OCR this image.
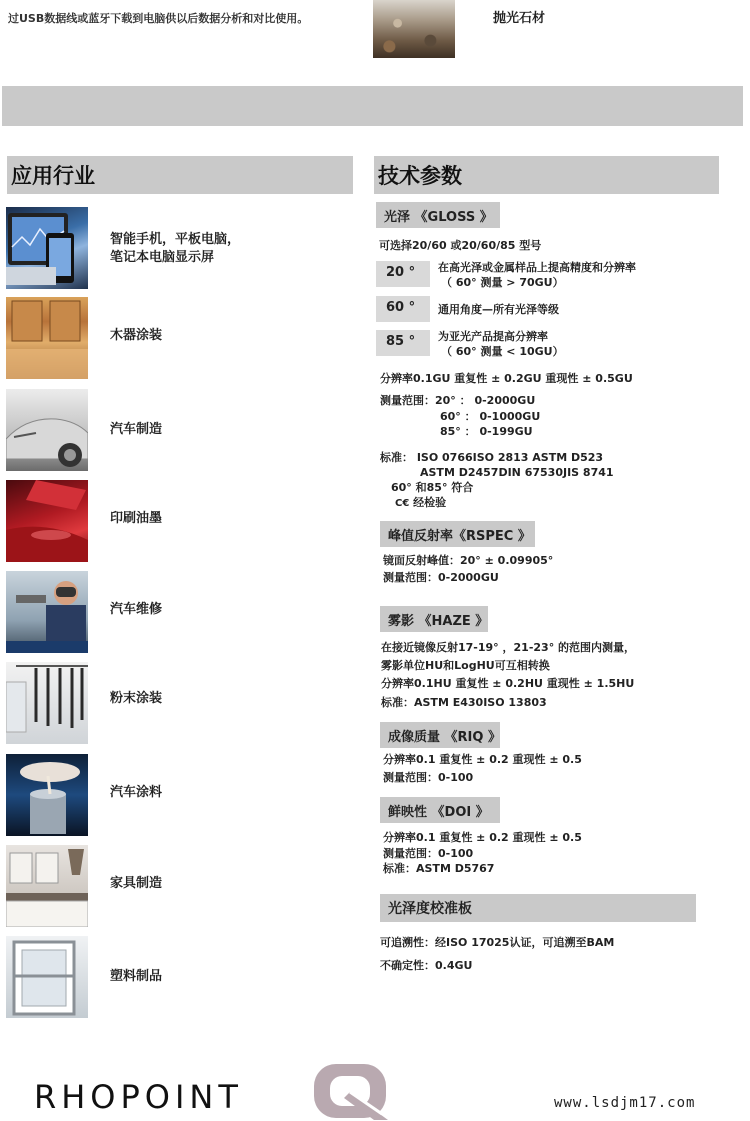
过USB数据线或蓝牙下载到电脑供以后数据分析和对比使用。	抛光石材
应用行业
智能手机，平板电脑，
笔记本电脑显示屏
木器涂装
汽车制造
印刷油墨
汽车维修
粉末涂装
汽车涂料
家具制造
塑料制品
技术参数
光泽 《GLOSS 》
可选择20/60 或20/60/85 型号
20 °	在高光泽或金属样品上提高精度和分辨率
（ 60° 测量 > 70GU）
60 °	通用角度—所有光泽等级
85 °	为亚光产品提高分辨率
（ 60° 测量 < 10GU）
分辨率0.1GU 重复性 ± 0.2GU 重现性 ± 0.5GU
测量范围：20° ： 0-2000GU
60° ： 0-1000GU
85° ： 0-199GU
标准： ISO 0766ISO 2813 ASTM D523
ASTM D2457DIN 67530JIS 8741
60° 和85° 符合
C€ 经检验
峰值反射率《RSPEC 》
镜面反射峰值：20° ± 0.09905°
测量范围：0-2000GU
雾影 《HAZE 》
在接近镜像反射17-19° ，21-23° 的范围内测量，
雾影单位HU和LogHU可互相转换
分辨率0.1HU 重复性 ± 0.2HU 重现性 ± 1.5HU
标准：ASTM E430ISO 13803
成像质量 《RIQ 》
分辨率0.1 重复性 ± 0.2 重现性 ± 0.5
测量范围：0-100
鲜映性 《DOI 》
分辨率0.1 重复性 ± 0.2 重现性 ± 0.5
测量范围：0-100
标准：ASTM D5767
光泽度校准板
可追溯性：经ISO 17025认证，可追溯至BAM
不确定性：0.4GU
RHOPOINT	www.lsdjm17.com
